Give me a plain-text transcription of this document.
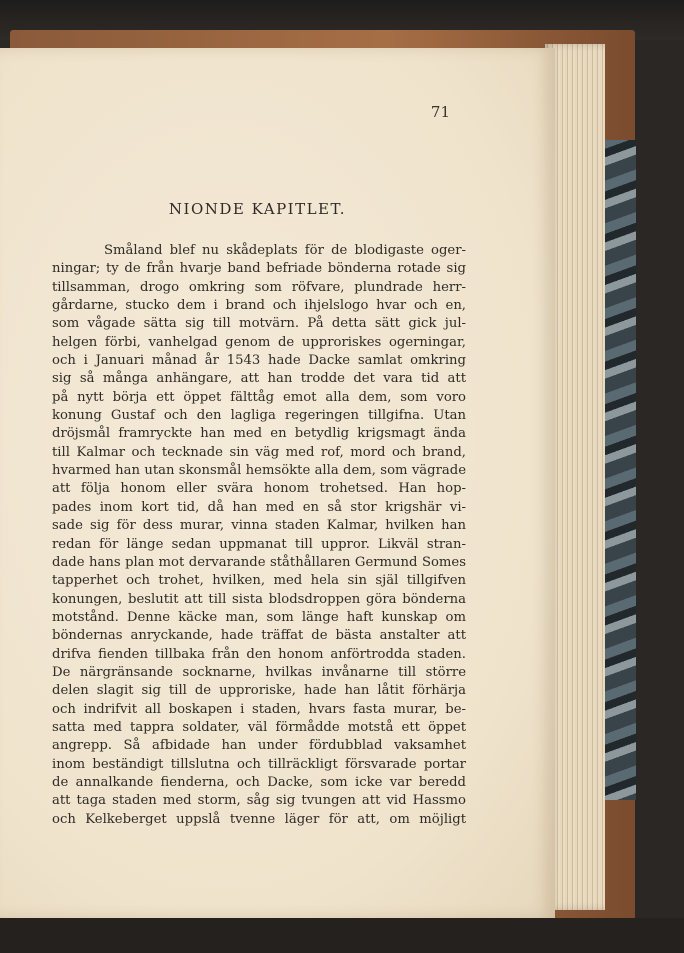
71
NIONDE KAPITLET.
Småland blef nu skådeplats för de blodigaste oger-
ningar; ty de från hvarje band befriade bönderna rotade sig
tillsamman, drogo omkring som röfvare, plundrade herr-
gårdarne, stucko dem i brand och ihjelslogo hvar och en,
som vågade sätta sig till motvärn. På detta sätt gick jul-
helgen förbi, vanhelgad genom de upproriskes ogerningar,
och i Januari månad år 1543 hade Dacke samlat omkring
sig så många anhängare, att han trodde det vara tid att
på nytt börja ett öppet fälttåg emot alla dem, som voro
konung Gustaf och den lagliga regeringen tillgifna. Utan
dröjsmål framryckte han med en betydlig krigsmagt ända
till Kalmar och tecknade sin väg med rof, mord och brand,
hvarmed han utan skonsmål hemsökte alla dem, som vägrade
att följa honom eller svära honom trohetsed. Han hop-
pades inom kort tid, då han med en så stor krigshär vi-
sade sig för dess murar, vinna staden Kalmar, hvilken han
redan för länge sedan uppmanat till uppror. Likväl stran-
dade hans plan mot dervarande ståthållaren Germund Somes
tapperhet och trohet, hvilken, med hela sin själ tillgifven
konungen, beslutit att till sista blodsdroppen göra bönderna
motstånd. Denne käcke man, som länge haft kunskap om
böndernas anryckande, hade träffat de bästa anstalter att
drifva fienden tillbaka från den honom anförtrodda staden.
De närgränsande socknarne, hvilkas invånarne till större
delen slagit sig till de upproriske, hade han låtit förhärja
och indrifvit all boskapen i staden, hvars fasta murar, be-
satta med tappra soldater, väl förmådde motstå ett öppet
angrepp. Så afbidade han under fördubblad vaksamhet
inom beständigt tillslutna och tillräckligt försvarade portar
de annalkande fienderna, och Dacke, som icke var beredd
att taga staden med storm, såg sig tvungen att vid Hassmo
och Kelkeberget uppslå tvenne läger för att, om möjligt
